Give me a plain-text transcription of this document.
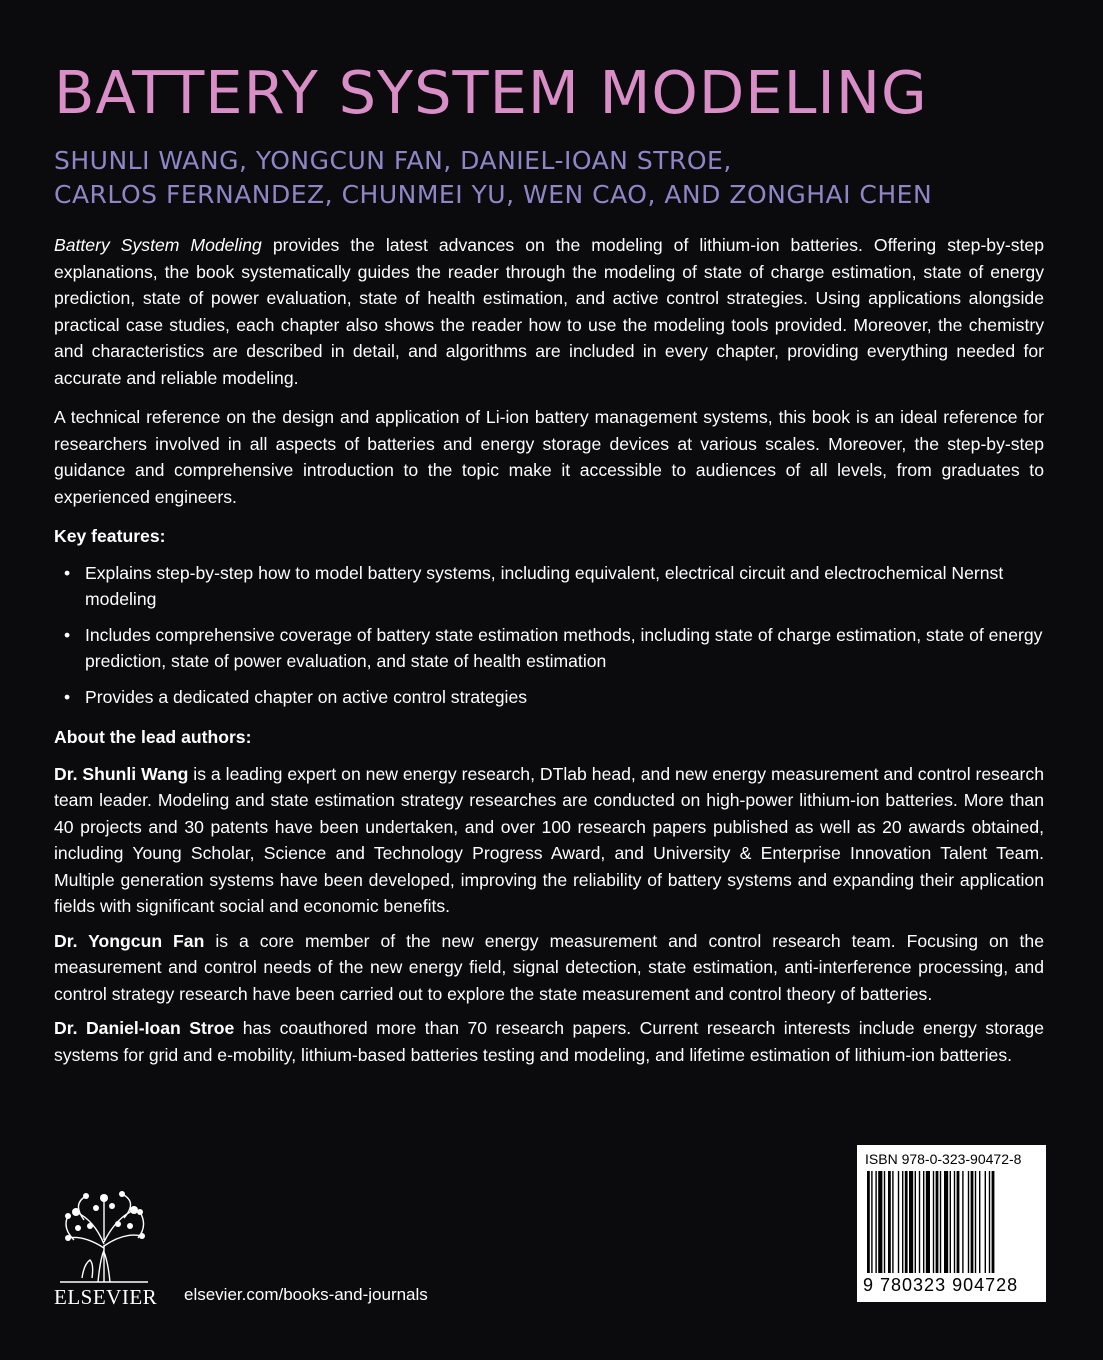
BATTERY SYSTEM MODELING
SHUNLI WANG, YONGCUN FAN, DANIEL-IOAN STROE,
CARLOS FERNANDEZ, CHUNMEI YU, WEN CAO, AND ZONGHAI CHEN

Battery System Modeling provides the latest advances on the modeling of lithium-ion batteries. Offering step-by-step explanations, the book systematically guides the reader through the modeling of state of charge estimation, state of energy prediction, state of power evaluation, state of health estimation, and active control strategies. Using applications alongside practical case studies, each chapter also shows the reader how to use the modeling tools provided. Moreover, the chemistry and characteristics are described in detail, and algorithms are included in every chapter, providing everything needed for accurate and reliable modeling.

A technical reference on the design and application of Li-ion battery management systems, this book is an ideal reference for researchers involved in all aspects of batteries and energy storage devices at various scales. Moreover, the step-by-step guidance and comprehensive introduction to the topic make it accessible to audiences of all levels, from graduates to experienced engineers.

Key features:
• Explains step-by-step how to model battery systems, including equivalent, electrical circuit and electrochemical Nernst modeling
• Includes comprehensive coverage of battery state estimation methods, including state of charge estimation, state of energy prediction, state of power evaluation, and state of health estimation
• Provides a dedicated chapter on active control strategies
About the lead authors:

Dr. Shunli Wang is a leading expert on new energy research, DTlab head, and new energy measurement and control research team leader. Modeling and state estimation strategy researches are conducted on high-power lithium-ion batteries. More than 40 projects and 30 patents have been undertaken, and over 100 research papers published as well as 20 awards obtained, including Young Scholar, Science and Technology Progress Award, and University & Enterprise Innovation Talent Team. Multiple generation systems have been developed, improving the reliability of battery systems and expanding their application fields with significant social and economic benefits.

Dr. Yongcun Fan is a core member of the new energy measurement and control research team. Focusing on the measurement and control needs of the new energy field, signal detection, state estimation, anti-interference processing, and control strategy research have been carried out to explore the state measurement and control theory of batteries.

Dr. Daniel-Ioan Stroe has coauthored more than 70 research papers. Current research interests include energy storage systems for grid and e-mobility, lithium-based batteries testing and modeling, and lifetime estimation of lithium-ion batteries.

ELSEVIER elsevier.com/books-and-journals
ISBN 978-0-323-90472-8
9 780323 904728
